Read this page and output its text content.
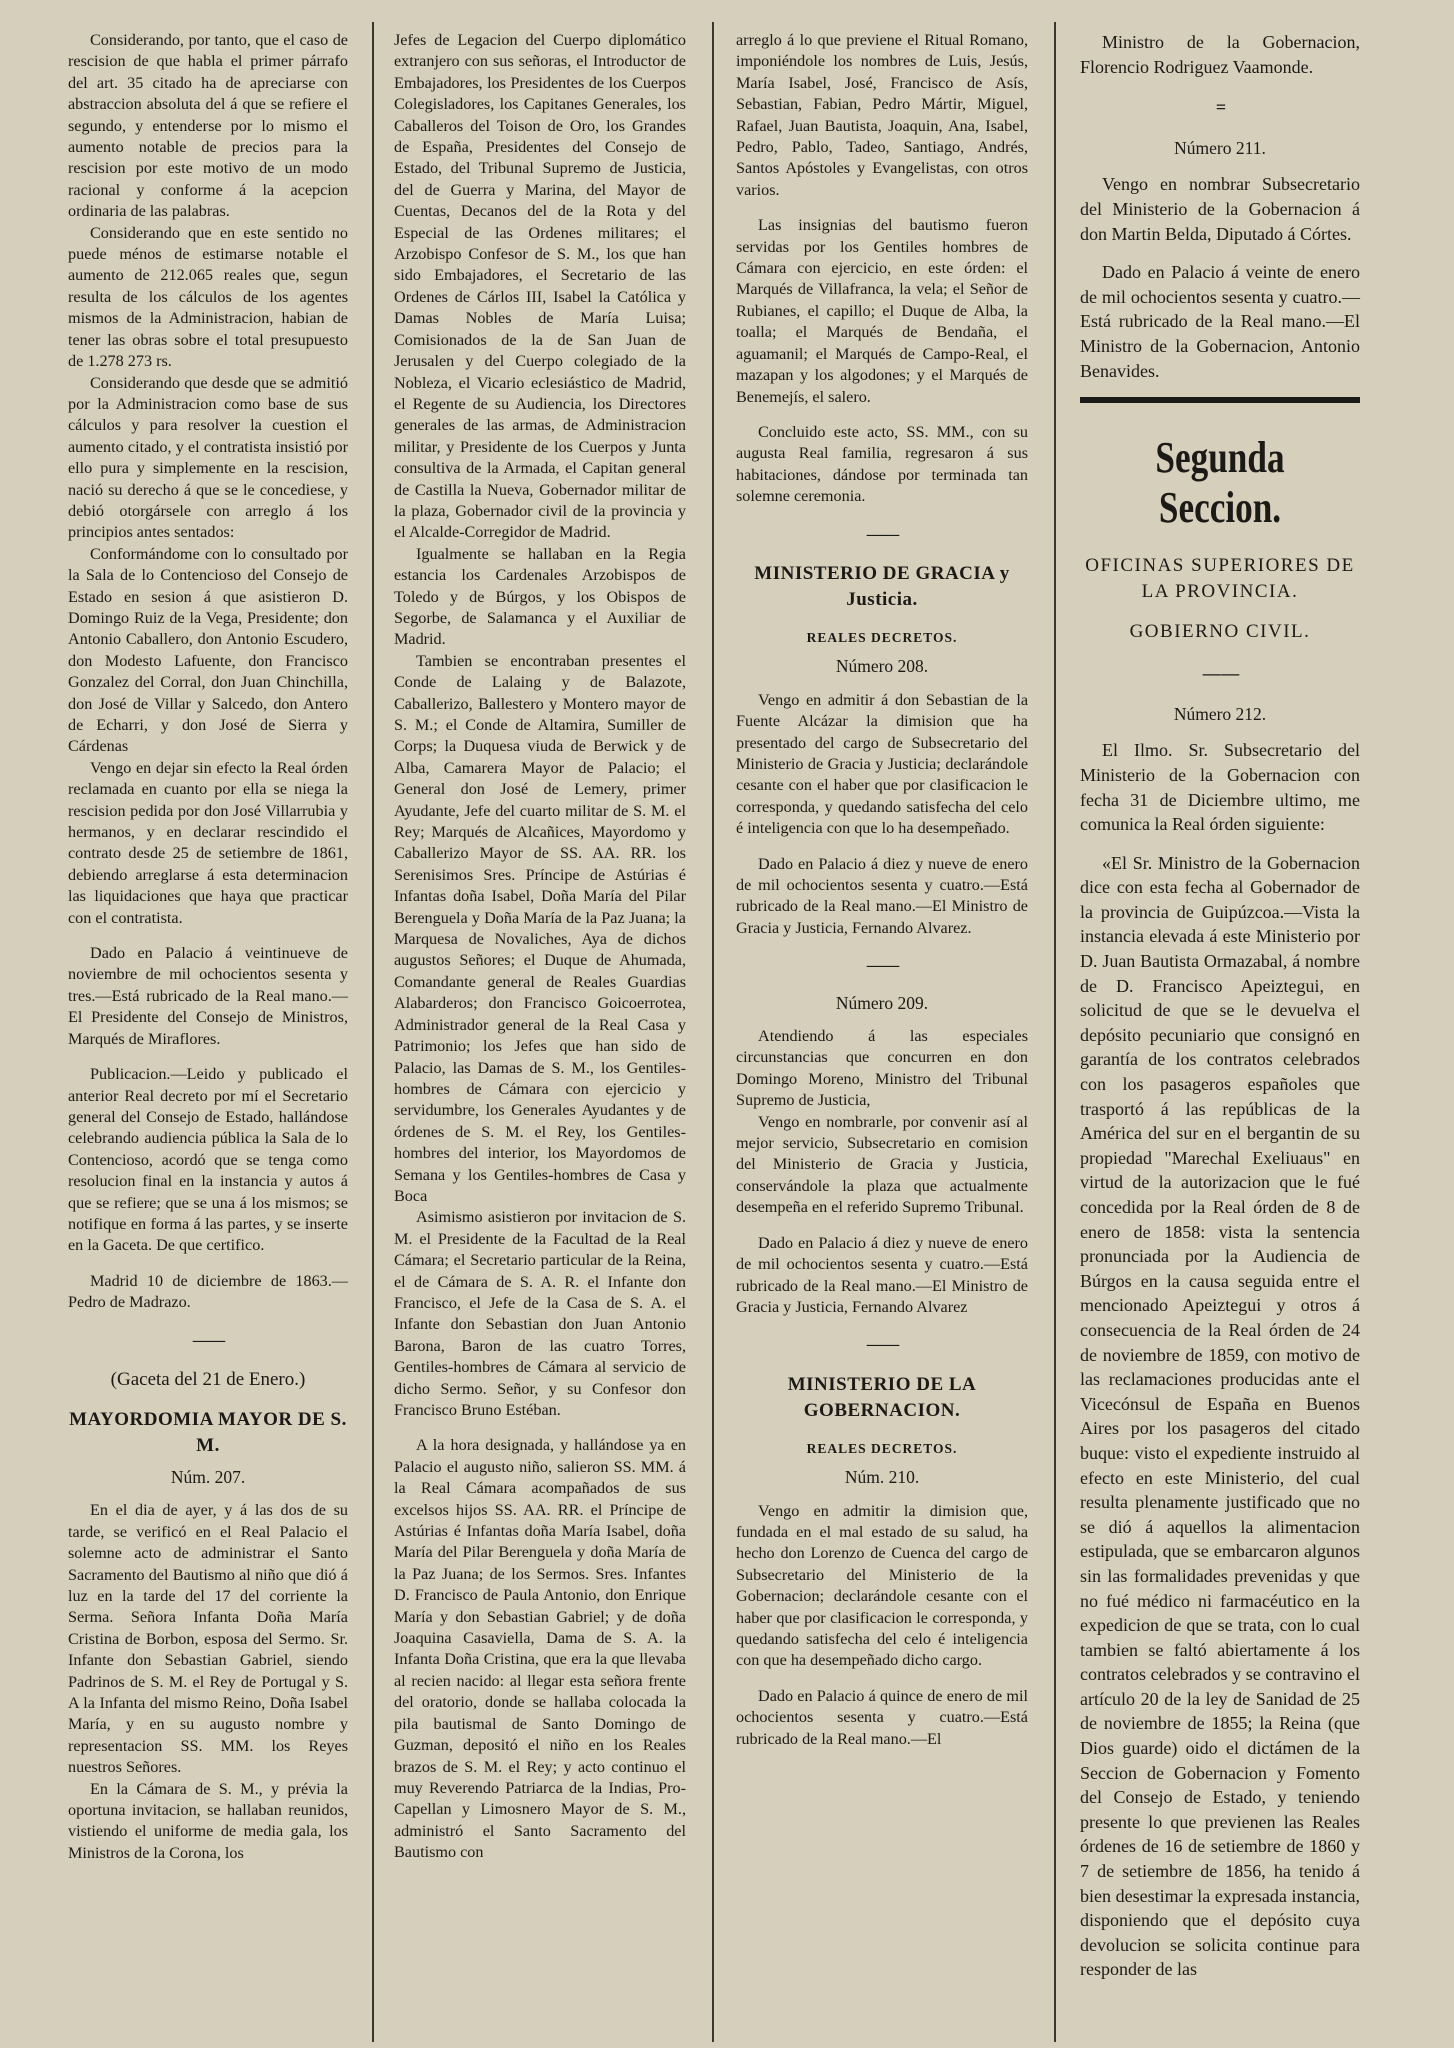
Considerando, por tanto, que el caso de rescision de que habla el primer párrafo del art. 35 citado ha de apreciarse con abstraccion absoluta del á que se refiere el segundo, y entenderse por lo mismo el aumento notable de precios para la rescision por este motivo de un modo racional y conforme á la acepcion ordinaria de las palabras.

Considerando que en este sentido no puede ménos de estimarse notable el aumento de 212.065 reales que, segun resulta de los cálculos de los agentes mismos de la Administracion, habian de tener las obras sobre el total presupuesto de 1.278 273 rs.

Considerando que desde que se admitió por la Administracion como base de sus cálculos y para resolver la cuestion el aumento citado, y el contratista insistió por ello pura y simplemente en la rescision, nació su derecho á que se le concediese, y debió otorgársele con arreglo á los principios antes sentados:

Conformándome con lo consultado por la Sala de lo Contencioso del Consejo de Estado en sesion á que asistieron D. Domingo Ruiz de la Vega, Presidente; don Antonio Caballero, don Antonio Escudero, don Modesto Lafuente, don Francisco Gonzalez del Corral, don Juan Chinchilla, don José de Villar y Salcedo, don Antero de Echarri, y don José de Sierra y Cárdenas

Vengo en dejar sin efecto la Real órden reclamada en cuanto por ella se niega la rescision pedida por don José Villarrubia y hermanos, y en declarar rescindido el contrato desde 25 de setiembre de 1861, debiendo arreglarse á esta determinacion las liquidaciones que haya que practicar con el contratista.

Dado en Palacio á veintinueve de noviembre de mil ochocientos sesenta y tres.—Está rubricado de la Real mano.—El Presidente del Consejo de Ministros, Marqués de Miraflores.

Publicacion.—Leido y publicado el anterior Real decreto por mí el Secretario general del Consejo de Estado, hallándose celebrando audiencia pública la Sala de lo Contencioso, acordó que se tenga como resolucion final en la instancia y autos á que se refiere; que se una á los mismos; se notifique en forma á las partes, y se inserte en la Gaceta. De que certifico.

Madrid 10 de diciembre de 1863.—Pedro de Madrazo.

— —

(Gaceta del 21 de Enero.)

MAYORDOMIA MAYOR DE S. M.

Núm. 207.

En el dia de ayer, y á las dos de su tarde, se verificó en el Real Palacio el solemne acto de administrar el Santo Sacramento del Bautismo al niño que dió á luz en la tarde del 17 del corriente la Serma. Señora Infanta Doña María Cristina de Borbon, esposa del Sermo. Sr. Infante don Sebastian Gabriel, siendo Padrinos de S. M. el Rey de Portugal y S. A la Infanta del mismo Reino, Doña Isabel María, y en su augusto nombre y representacion SS. MM. los Reyes nuestros Señores.

En la Cámara de S. M., y prévia la oportuna invitacion, se hallaban reunidos, vistiendo el uniforme de media gala, los Ministros de la Corona, los

Jefes de Legacion del Cuerpo diplomático extranjero con sus señoras, el Introductor de Embajadores, los Presidentes de los Cuerpos Colegisladores, los Capitanes Generales, los Caballeros del Toison de Oro, los Grandes de España, Presidentes del Consejo de Estado, del Tribunal Supremo de Justicia, del de Guerra y Marina, del Mayor de Cuentas, Decanos del de la Rota y del Especial de las Ordenes militares; el Arzobispo Confesor de S. M., los que han sido Embajadores, el Secretario de las Ordenes de Cárlos III, Isabel la Católica y Damas Nobles de María Luisa; Comisionados de la de San Juan de Jerusalen y del Cuerpo colegiado de la Nobleza, el Vicario eclesiástico de Madrid, el Regente de su Audiencia, los Directores generales de las armas, de Administracion militar, y Presidente de los Cuerpos y Junta consultiva de la Armada, el Capitan general de Castilla la Nueva, Gobernador militar de la plaza, Gobernador civil de la provincia y el Alcalde-Corregidor de Madrid.

Igualmente se hallaban en la Regia estancia los Cardenales Arzobispos de Toledo y de Búrgos, y los Obispos de Segorbe, de Salamanca y el Auxiliar de Madrid.

Tambien se encontraban presentes el Conde de Lalaing y de Balazote, Caballerizo, Ballestero y Montero mayor de S. M.; el Conde de Altamira, Sumiller de Corps; la Duquesa viuda de Berwick y de Alba, Camarera Mayor de Palacio; el General don José de Lemery, primer Ayudante, Jefe del cuarto militar de S. M. el Rey; Marqués de Alcañices, Mayordomo y Caballerizo Mayor de SS. AA. RR. los Serenisimos Sres. Príncipe de Astúrias é Infantas doña Isabel, Doña María del Pilar Berenguela y Doña María de la Paz Juana; la Marquesa de Novaliches, Aya de dichos augustos Señores; el Duque de Ahumada, Comandante general de Reales Guardias Alabarderos; don Francisco Goicoerrotea, Administrador general de la Real Casa y Patrimonio; los Jefes que han sido de Palacio, las Damas de S. M., los Gentiles-hombres de Cámara con ejercicio y servidumbre, los Generales Ayudantes y de órdenes de S. M. el Rey, los Gentiles-hombres del interior, los Mayordomos de Semana y los Gentiles-hombres de Casa y Boca

Asimismo asistieron por invitacion de S. M. el Presidente de la Facultad de la Real Cámara; el Secretario particular de la Reina, el de Cámara de S. A. R. el Infante don Francisco, el Jefe de la Casa de S. A. el Infante don Sebastian don Juan Antonio Barona, Baron de las cuatro Torres, Gentiles-hombres de Cámara al servicio de dicho Sermo. Señor, y su Confesor don Francisco Bruno Estéban.

A la hora designada, y hallándose ya en Palacio el augusto niño, salieron SS. MM. á la Real Cámara acompañados de sus excelsos hijos SS. AA. RR. el Príncipe de Astúrias é Infantas doña María Isabel, doña María del Pilar Berenguela y doña María de la Paz Juana; de los Sermos. Sres. Infantes D. Francisco de Paula Antonio, don Enrique María y don Sebastian Gabriel; y de doña Joaquina Casaviella, Dama de S. A. la Infanta Doña Cristina, que era la que llevaba al recien nacido: al llegar esta señora frente del oratorio, donde se hallaba colocada la pila bautismal de Santo Domingo de Guzman, depositó el niño en los Reales brazos de S. M. el Rey; y acto continuo el muy Reverendo Patriarca de la Indias, Pro-Capellan y Limosnero Mayor de S. M., administró el Santo Sacramento del Bautismo con

arreglo á lo que previene el Ritual Romano, imponiéndole los nombres de Luis, Jesús, María Isabel, José, Francisco de Asís, Sebastian, Fabian, Pedro Mártir, Miguel, Rafael, Juan Bautista, Joaquin, Ana, Isabel, Pedro, Pablo, Tadeo, Santiago, Andrés, Santos Apóstoles y Evangelistas, con otros varios.

Las insignias del bautismo fueron servidas por los Gentiles hombres de Cámara con ejercicio, en este órden: el Marqués de Villafranca, la vela; el Señor de Rubianes, el capillo; el Duque de Alba, la toalla; el Marqués de Bendaña, el aguamanil; el Marqués de Campo-Real, el mazapan y los algodones; y el Marqués de Benemejís, el salero.

Concluido este acto, SS. MM., con su augusta Real familia, regresaron á sus habitaciones, dándose por terminada tan solemne ceremonia.

— —

MINISTERIO DE GRACIA y Justicia.

REALES DECRETOS.

Número 208.

Vengo en admitir á don Sebastian de la Fuente Alcázar la dimision que ha presentado del cargo de Subsecretario del Ministerio de Gracia y Justicia; declarándole cesante con el haber que por clasificacion le corresponda, y quedando satisfecha del celo é inteligencia con que lo ha desempeñado.

Dado en Palacio á diez y nueve de enero de mil ochocientos sesenta y cuatro.—Está rubricado de la Real mano.—El Ministro de Gracia y Justicia, Fernando Alvarez.

— —

Número 209.

Atendiendo á las especiales circunstancias que concurren en don Domingo Moreno, Ministro del Tribunal Supremo de Justicia,

Vengo en nombrarle, por convenir así al mejor servicio, Subsecretario en comision del Ministerio de Gracia y Justicia, conservándole la plaza que actualmente desempeña en el referido Supremo Tribunal.

Dado en Palacio á diez y nueve de enero de mil ochocientos sesenta y cuatro.—Está rubricado de la Real mano.—El Ministro de Gracia y Justicia, Fernando Alvarez

— —

MINISTERIO DE LA GOBERNACION.

REALES DECRETOS.

Núm. 210.

Vengo en admitir la dimision que, fundada en el mal estado de su salud, ha hecho don Lorenzo de Cuenca del cargo de Subsecretario del Ministerio de la Gobernacion; declarándole cesante con el haber que por clasificacion le corresponda, y quedando satisfecha del celo é inteligencia con que ha desempeñado dicho cargo.

Dado en Palacio á quince de enero de mil ochocientos sesenta y cuatro.—Está rubricado de la Real mano.—El

Ministro de la Gobernacion, Florencio Rodriguez Vaamonde.

=

Número 211.

Vengo en nombrar Subsecretario del Ministerio de la Gobernacion á don Martin Belda, Diputado á Córtes.

Dado en Palacio á veinte de enero de mil ochocientos sesenta y cuatro.—Está rubricado de la Real mano.—El Ministro de la Gobernacion, Antonio Benavides.

Segunda Seccion.

OFICINAS SUPERIORES DE LA PROVINCIA.

GOBIERNO CIVIL.

— —

Número 212.

El Ilmo. Sr. Subsecretario del Ministerio de la Gobernacion con fecha 31 de Diciembre ultimo, me comunica la Real órden siguiente:

«El Sr. Ministro de la Gobernacion dice con esta fecha al Gobernador de la provincia de Guipúzcoa.—Vista la instancia elevada á este Ministerio por D. Juan Bautista Ormazabal, á nombre de D. Francisco Apeiztegui, en solicitud de que se le devuelva el depósito pecuniario que consignó en garantía de los contratos celebrados con los pasageros españoles que trasportó á las repúblicas de la América del sur en el bergantin de su propiedad "Marechal Exeliuaus" en virtud de la autorizacion que le fué concedida por la Real órden de 8 de enero de 1858: vista la sentencia pronunciada por la Audiencia de Búrgos en la causa seguida entre el mencionado Apeiztegui y otros á consecuencia de la Real órden de 24 de noviembre de 1859, con motivo de las reclamaciones producidas ante el Vicecónsul de España en Buenos Aires por los pasageros del citado buque: visto el expediente instruido al efecto en este Ministerio, del cual resulta plenamente justificado que no se dió á aquellos la alimentacion estipulada, que se embarcaron algunos sin las formalidades prevenidas y que no fué médico ni farmacéutico en la expedicion de que se trata, con lo cual tambien se faltó abiertamente á los contratos celebrados y se contravino el artículo 20 de la ley de Sanidad de 25 de noviembre de 1855; la Reina (que Dios guarde) oido el dictámen de la Seccion de Gobernacion y Fomento del Consejo de Estado, y teniendo presente lo que previenen las Reales órdenes de 16 de setiembre de 1860 y 7 de setiembre de 1856, ha tenido á bien desestimar la expresada instancia, disponiendo que el depósito cuya devolucion se solicita continue para responder de las
